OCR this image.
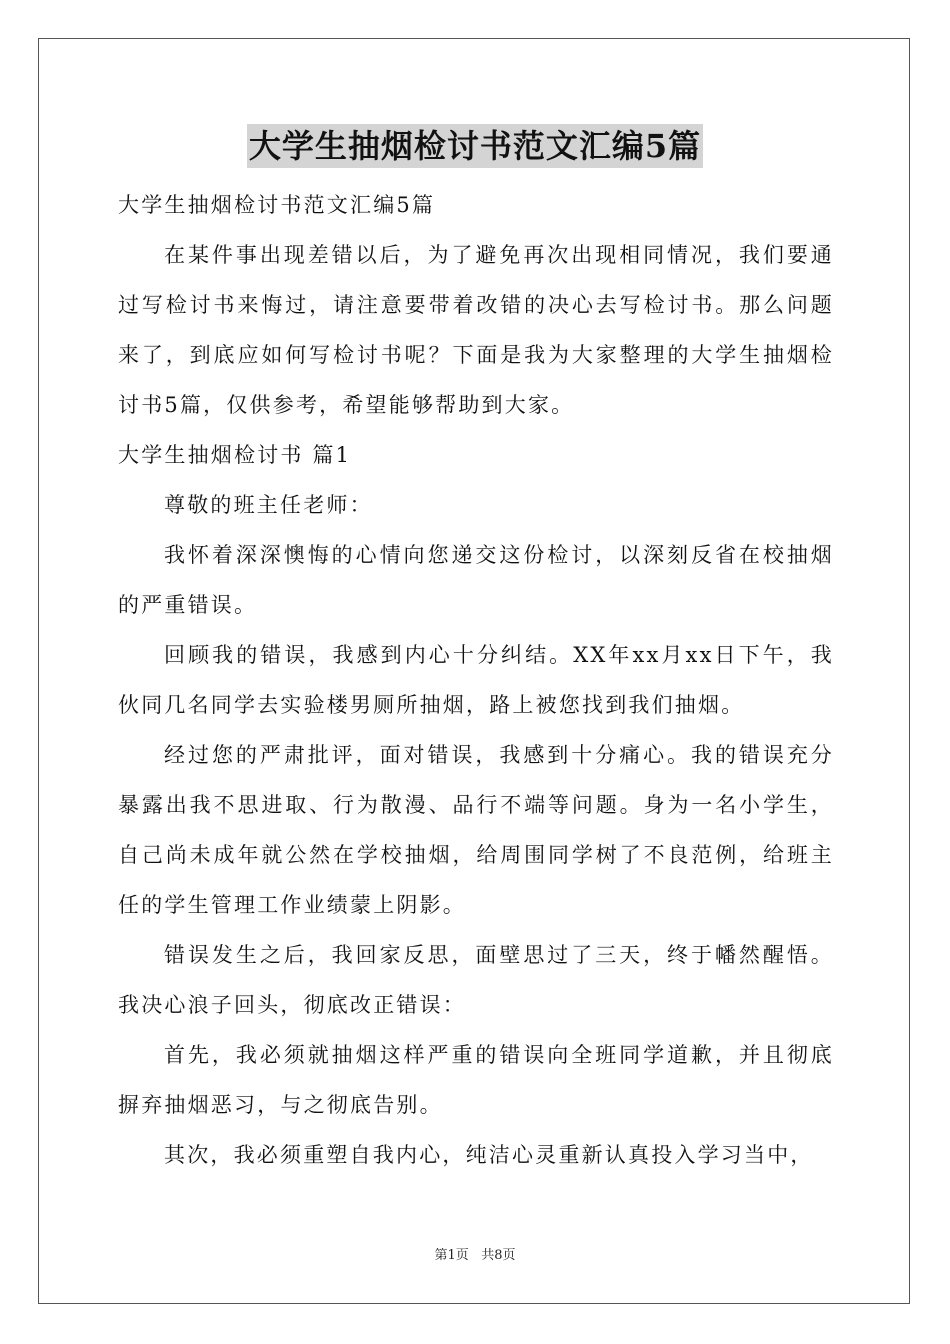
大学生抽烟检讨书范文汇编5篇

大学生抽烟检讨书范文汇编5篇

在某件事出现差错以后，为了避免再次出现相同情况，我们要通过写检讨书来悔过，请注意要带着改错的决心去写检讨书。那么问题来了，到底应如何写检讨书呢？下面是我为大家整理的大学生抽烟检讨书5篇，仅供参考，希望能够帮助到大家。

大学生抽烟检讨书 篇1

尊敬的班主任老师：

我怀着深深懊悔的心情向您递交这份检讨，以深刻反省在校抽烟的严重错误。

回顾我的错误，我感到内心十分纠结。XX年xx月xx日下午，我伙同几名同学去实验楼男厕所抽烟，路上被您找到我们抽烟。

经过您的严肃批评，面对错误，我感到十分痛心。我的错误充分暴露出我不思进取、行为散漫、品行不端等问题。身为一名小学生，自己尚未成年就公然在学校抽烟，给周围同学树了不良范例，给班主任的学生管理工作业绩蒙上阴影。

错误发生之后，我回家反思，面壁思过了三天，终于幡然醒悟。我决心浪子回头，彻底改正错误：

首先，我必须就抽烟这样严重的错误向全班同学道歉，并且彻底摒弃抽烟恶习，与之彻底告别。

其次，我必须重塑自我内心，纯洁心灵重新认真投入学习当中，

第1页 共8页
